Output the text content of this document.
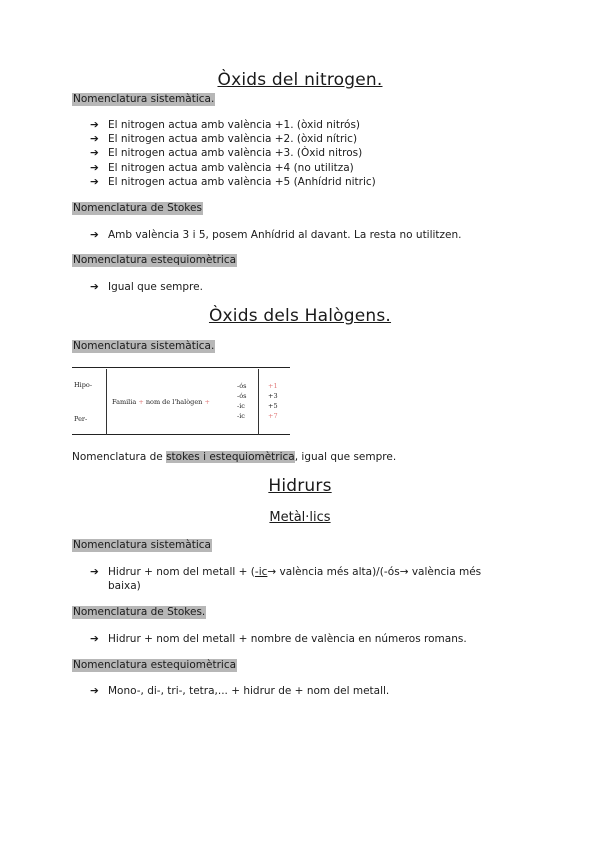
Òxids del nitrogen.
Nomenclatura sistemàtica.
➔ El nitrogen actua amb valència +1. (òxid nitrós)
➔ El nitrogen actua amb valència +2. (òxid nítric)
➔ El nitrogen actua amb valència +3. (Òxid nitros)
➔ El nitrogen actua amb valència +4 (no utilitza)
➔ El nitrogen actua amb valència +5 (Anhídrid nitric)
Nomenclatura de Stokes
➔ Amb valència 3 i 5, posem Anhídrid al davant. La resta no utilitzen.
Nomenclatura estequiomètrica
➔ Igual que sempre.
Òxids dels Halògens.
Nomenclatura sistemàtica.
Hipo-
Per-
Familia + nom de l'halògen +
-ós
-ós
-ic
-ic
+1
+3
+5
+7
Nomenclatura de stokes i estequiomètrica, igual que sempre.
Hidrurs
Metàl·lics
Nomenclatura sistemàtica
➔ Hidrur + nom del metall + (-ic→ valència més alta)/(-ós→ valència més
baixa)
Nomenclatura de Stokes.
➔ Hidrur + nom del metall + nombre de valència en números romans.
Nomenclatura estequiomètrica
➔ Mono-, di-, tri-, tetra,... + hidrur de + nom del metall.
